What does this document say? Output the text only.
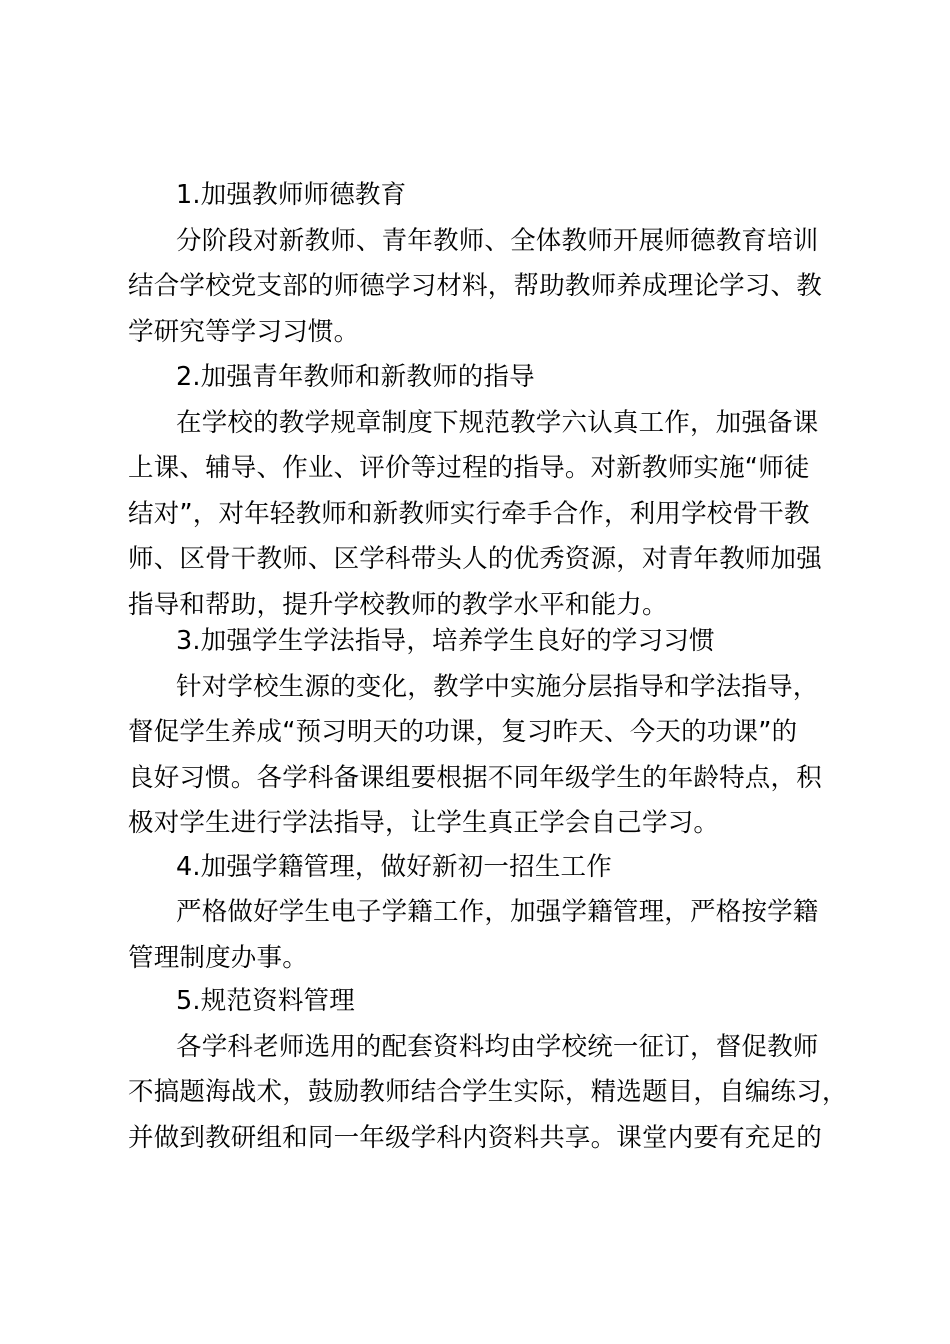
1.加强教师师德教育
分阶段对新教师、青年教师、全体教师开展师德教育培训
结合学校党支部的师德学习材料，帮助教师养成理论学习、教
学研究等学习习惯。
2.加强青年教师和新教师的指导
在学校的教学规章制度下规范教学六认真工作，加强备课
上课、辅导、作业、评价等过程的指导。对新教师实施“师徒
结对”，对年轻教师和新教师实行牵手合作，利用学校骨干教
师、区骨干教师、区学科带头人的优秀资源，对青年教师加强
指导和帮助，提升学校教师的教学水平和能力。
3.加强学生学法指导，培养学生良好的学习习惯
针对学校生源的变化，教学中实施分层指导和学法指导，
督促学生养成“预习明天的功课，复习昨天、今天的功课”的
良好习惯。各学科备课组要根据不同年级学生的年龄特点，积
极对学生进行学法指导，让学生真正学会自己学习。
4.加强学籍管理，做好新初一招生工作
严格做好学生电子学籍工作，加强学籍管理，严格按学籍
管理制度办事。
5.规范资料管理
各学科老师选用的配套资料均由学校统一征订，督促教师
不搞题海战术，鼓励教师结合学生实际，精选题目，自编练习，
并做到教研组和同一年级学科内资料共享。课堂内要有充足的
